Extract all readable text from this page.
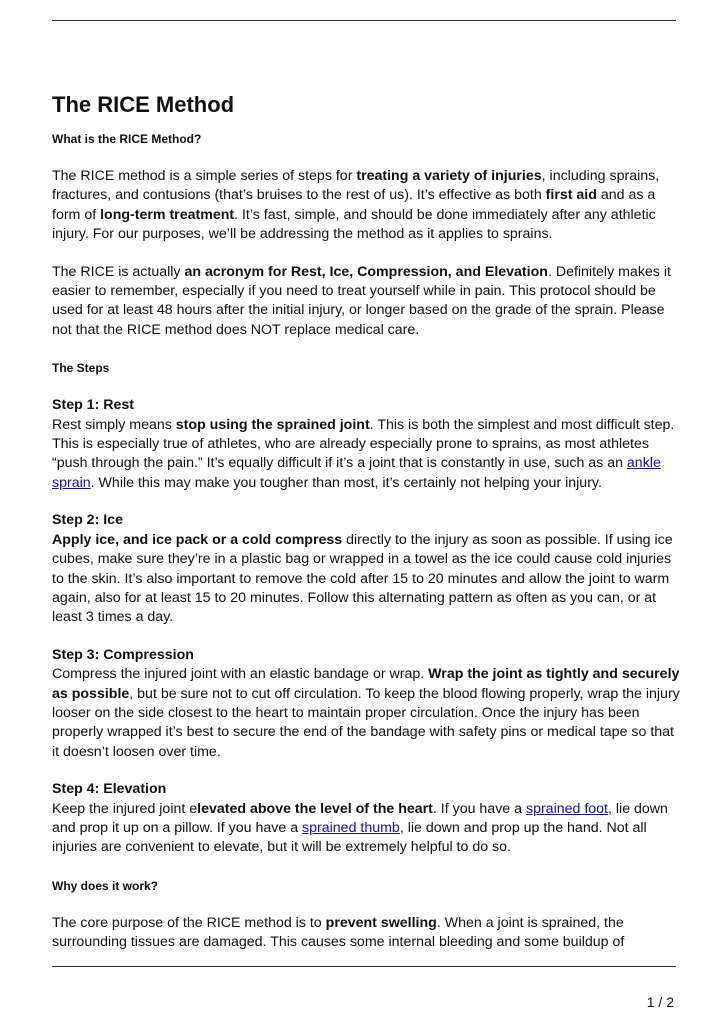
The RICE Method
What is the RICE Method?

The RICE method is a simple series of steps for treating a variety of injuries, including sprains, fractures, and contusions (that’s bruises to the rest of us). It’s effective as both first aid and as a form of long-term treatment. It’s fast, simple, and should be done immediately after any athletic injury. For our purposes, we’ll be addressing the method as it applies to sprains.

The RICE is actually an acronym for Rest, Ice, Compression, and Elevation. Definitely makes it easier to remember, especially if you need to treat yourself while in pain. This protocol should be used for at least 48 hours after the initial injury, or longer based on the grade of the sprain. Please not that the RICE method does NOT replace medical care.

The Steps
Step 1: Rest

Rest simply means stop using the sprained joint. This is both the simplest and most difficult step. This is especially true of athletes, who are already especially prone to sprains, as most athletes “push through the pain.” It’s equally difficult if it’s a joint that is constantly in use, such as an ankle sprain. While this may make you tougher than most, it’s certainly not helping your injury.

Step 2: Ice

Apply ice, and ice pack or a cold compress directly to the injury as soon as possible. If using ice cubes, make sure they’re in a plastic bag or wrapped in a towel as the ice could cause cold injuries to the skin. It’s also important to remove the cold after 15 to 20 minutes and allow the joint to warm again, also for at least 15 to 20 minutes. Follow this alternating pattern as often as you can, or at least 3 times a day.

Step 3: Compression

Compress the injured joint with an elastic bandage or wrap. Wrap the joint as tightly and securely as possible, but be sure not to cut off circulation. To keep the blood flowing properly, wrap the injury looser on the side closest to the heart to maintain proper circulation. Once the injury has been properly wrapped it’s best to secure the end of the bandage with safety pins or medical tape so that it doesn’t loosen over time.

Step 4: Elevation

Keep the injured joint elevated above the level of the heart. If you have a sprained foot, lie down and prop it up on a pillow. If you have a sprained thumb, lie down and prop up the hand. Not all injuries are convenient to elevate, but it will be extremely helpful to do so.

Why does it work?

The core purpose of the RICE method is to prevent swelling. When a joint is sprained, the surrounding tissues are damaged. This causes some internal bleeding and some buildup of

1 / 2
